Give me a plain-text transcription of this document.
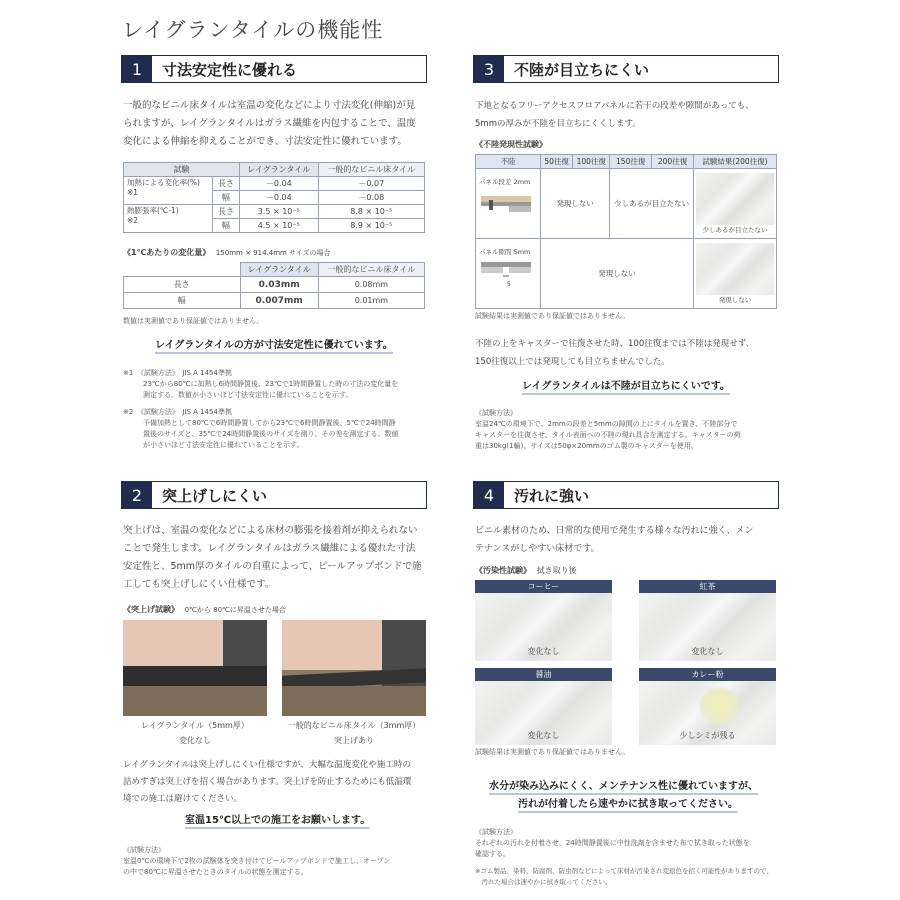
レイグランタイルの機能性
1	寸法安定性に優れる
一般的なビニル床タイルは室温の変化などにより寸法変化(伸縮)が見
られますが、レイグランタイルはガラス繊維を内包することで、温度
変化による伸縮を抑えることができ、寸法安定性に優れています。
試験		レイグランタイル	一般的なビニル床タイル

加熱による変化率(%)
※1	長さ	－0.04	－0.07
	幅	－0.04	－0.08

熱膨張率(℃-1)
※2	長さ	3.5 × 10⁻⁵	8.8 × 10⁻⁵
	幅	4.5 × 10⁻⁵	8.9 × 10⁻⁵
《1℃あたりの変化量》 150mm × 914.4mm サイズの場合
	レイグランタイル	一般的なビニル床タイル
長さ	0.03mm	0.08mm
幅	0.007mm	0.01mm
数値は実測値であり保証値ではありません。
レイグランタイルの方が寸法安定性に優れています。
※1　《試験方法》　JIS A 1454準拠
23℃から80℃に加熱し6時間静置後、23℃で1時間静置した時の寸法の変化量を
測定する。数値が小さいほど寸法安定性に優れていることを示す。
※2　《試験方法》　JIS A 1454準拠
予備加熱として80℃で6時間静置してから23℃で6時間静置後、5℃で24時間静
置後のサイズと、35℃で24時間静置後のサイズを測り、その差を測定する。数値
が小さいほど寸法安定性に優れていることを示す。
2	突上げしにくい
突上げは、室温の変化などによる床材の膨張を接着剤が抑えられない
ことで発生します。レイグランタイルはガラス繊維による優れた寸法
安定性と、5mm厚のタイルの自重によって、ピールアップボンドで施
工しても突上げしにくい仕様です。
《突上げ試験》 0℃から 80℃に昇温させた場合
レイグランタイル（5mm厚）
変化なし
一般的なビニル床タイル（3mm厚）
突上げあり
レイグランタイルは突上げしにくい仕様ですが、大幅な温度変化や施工時の
詰めすぎは突上げを招く場合があります。突上げを防止するためにも低温環
境での施工は避けてください。
室温15℃以上での施工をお願いします。
《試験方法》
室温0℃の環境下で2枚の試験体を突き付けてピールアップボンドで施工し、オーブン
の中で80℃に昇温させたときのタイルの状態を測定する。
3	不陸が目立ちにくい
下地となるフリーアクセスフロアパネルに若干の段差や隙間があっても、
5mmの厚みが不陸を目立ちにくくします。
《不陸発現性試験》
不陸	50往復	100往復	150往復	200往復	試験結果(200往復)

パネル段差 2mm	発現しない		少しあるが目立たない		少しあるが目立たない

パネル隙間 5mm
5	発現しない				発現しない
試験結果は実測値であり保証値ではありません。
不陸の上をキャスターで往復させた時、100往復までは不陸は発現せず、
150往復以上では発現しても目立ちませんでした。
レイグランタイルは不陸が目立ちにくいです。
《試験方法》
室温24℃の環境下で、2mmの段差と5mmの隙間の上にタイルを置き、不陸部分で
キャスターを往復させ、タイル表面への不陸の現れ具合を測定する。キャスターの荷
重は30kg(1輪)、サイズは50φ×20mmのゴム製のキャスターを使用。
4	汚れに強い
ビニル素材のため、日常的な使用で発生する様々な汚れに強く、メン
テナンスがしやすい床材です。
《汚染性試験》 拭き取り後
コーヒー
変化なし
紅茶
変化なし
醤油
変化なし
カレー粉
少しシミが残る
試験結果は実測値であり保証値ではありません。
水分が染み込みにくく、メンテナンス性に優れていますが、
汚れが付着したら速やかに拭き取ってください。
《試験方法》
それぞれの汚れを付着させ、24時間静置後に中性洗剤を含ませた布で拭き取った状態を
確認する。
※ゴム製品、染料、防腐剤、防虫剤などによって床材が汚染され変退色を招く可能性がありますので、
　汚れた場合は速やかに拭き取ってください。
